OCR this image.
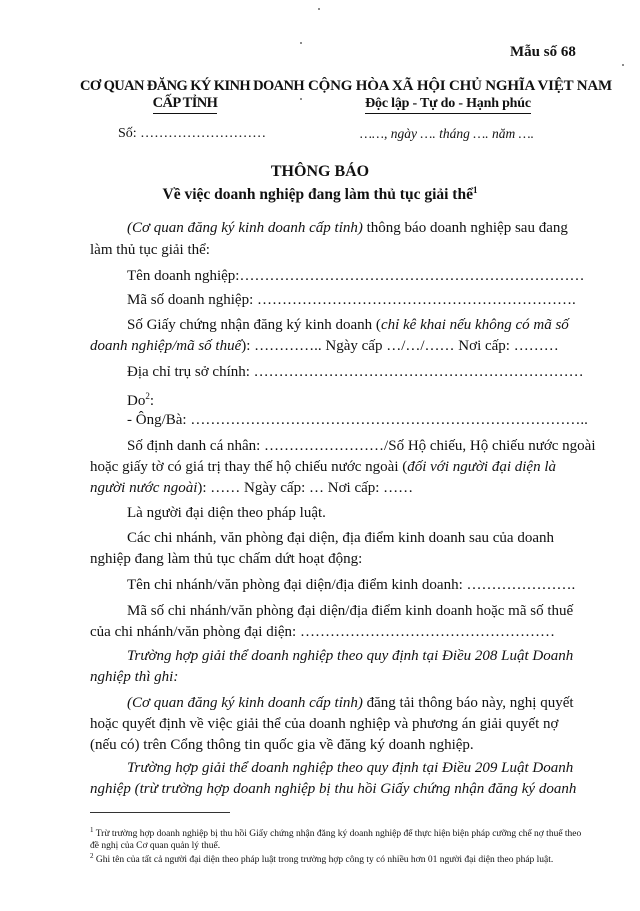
Mẫu số 68
CƠ QUAN ĐĂNG KÝ KINH DOANH
CẤP TỈNH
CỘNG HÒA XÃ HỘI CHỦ NGHĨA VIỆT NAM
Độc lập - Tự do - Hạnh phúc
Số: ………………………	……, ngày …. tháng …. năm ….
THÔNG BÁO
Về việc doanh nghiệp đang làm thủ tục giải thể$^1$
(Cơ quan đăng ký kinh doanh cấp tỉnh) thông báo doanh nghiệp sau đang
làm thủ tục giải thể:
Tên doanh nghiệp:……………………………………………………………
Mã số doanh nghiệp: ……………………………………………………….
Số Giấy chứng nhận đăng ký kinh doanh (chỉ kê khai nếu không có mã số
doanh nghiệp/mã số thuế): ………….. Ngày cấp …/…/…… Nơi cấp: ………
Địa chỉ trụ sở chính: …………………………………………………………
Do$^2$:
- Ông/Bà: ……………………………………………………………………..
Số định danh cá nhân: ……………………/Số Hộ chiếu, Hộ chiếu nước ngoài
hoặc giấy tờ có giá trị thay thế hộ chiếu nước ngoài (đối với người đại diện là
người nước ngoài): …… Ngày cấp: … Nơi cấp: ……
Là người đại diện theo pháp luật.
Các chi nhánh, văn phòng đại diện, địa điểm kinh doanh sau của doanh
nghiệp đang làm thủ tục chấm dứt hoạt động:
Tên chi nhánh/văn phòng đại diện/địa điểm kinh doanh: ………………….
Mã số chi nhánh/văn phòng đại diện/địa điểm kinh doanh hoặc mã số thuế
của chi nhánh/văn phòng đại diện: ……………………………………………
Trường hợp giải thể doanh nghiệp theo quy định tại Điều 208 Luật Doanh
nghiệp thì ghi:
(Cơ quan đăng ký kinh doanh cấp tỉnh) đăng tải thông báo này, nghị quyết
hoặc quyết định về việc giải thể của doanh nghiệp và phương án giải quyết nợ
(nếu có) trên Cổng thông tin quốc gia về đăng ký doanh nghiệp.
Trường hợp giải thể doanh nghiệp theo quy định tại Điều 209 Luật Doanh
nghiệp (trừ trường hợp doanh nghiệp bị thu hồi Giấy chứng nhận đăng ký doanh
$^1$ Trừ trường hợp doanh nghiệp bị thu hồi Giấy chứng nhận đăng ký doanh nghiệp để thực hiện biện pháp cưỡng chế nợ thuế theo đề nghị của Cơ quan quản lý thuế.
$^2$ Ghi tên của tất cả người đại diện theo pháp luật trong trường hợp công ty có nhiều hơn 01 người đại diện theo pháp luật.
